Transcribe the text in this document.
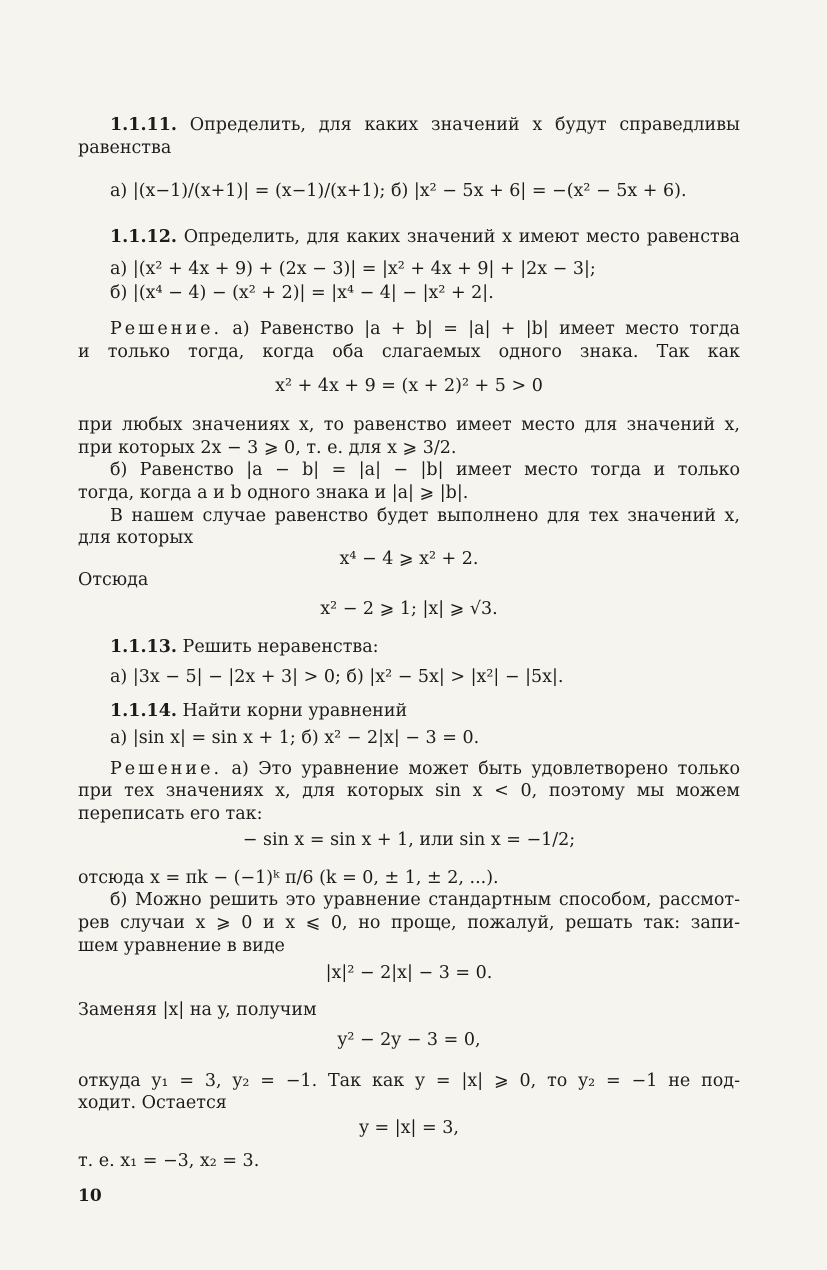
1.1.11. Определить, для каких значений x будут справедливы
равенства
а) |(x−1)/(x+1)| = (x−1)/(x+1); б) |x² − 5x + 6| = −(x² − 5x + 6).
1.1.12. Определить, для каких значений x имеют место равенства
а) |(x² + 4x + 9) + (2x − 3)| = |x² + 4x + 9| + |2x − 3|;
б) |(x⁴ − 4) − (x² + 2)| = |x⁴ − 4| − |x² + 2|.
Решение. а) Равенство |a + b| = |a| + |b| имеет место тогда
и только тогда, когда оба слагаемых одного знака. Так как
x² + 4x + 9 = (x + 2)² + 5 > 0
при любых значениях x, то равенство имеет место для значений x,
при которых 2x − 3 ⩾ 0, т. е. для x ⩾ 3/2.
б) Равенство |a − b| = |a| − |b| имеет место тогда и только
тогда, когда a и b одного знака и |a| ⩾ |b|.
В нашем случае равенство будет выполнено для тех значений x,
для которых
x⁴ − 4 ⩾ x² + 2.
Отсюда
x² − 2 ⩾ 1; |x| ⩾ √3.
1.1.13. Решить неравенства:
а) |3x − 5| − |2x + 3| > 0; б) |x² − 5x| > |x²| − |5x|.
1.1.14. Найти корни уравнений
а) |sin x| = sin x + 1; б) x² − 2|x| − 3 = 0.
Решение. а) Это уравнение может быть удовлетворено только
при тех значениях x, для которых sin x < 0, поэтому мы можем
переписать его так:
− sin x = sin x + 1, или sin x = −1/2;
отсюда x = πk − (−1)ᵏ π/6 (k = 0, ± 1, ± 2, ...).
б) Можно решить это уравнение стандартным способом, рассмот-
рев случаи x ⩾ 0 и x ⩽ 0, но проще, пожалуй, решать так: запи-
шем уравнение в виде
|x|² − 2|x| − 3 = 0.
Заменяя |x| на y, получим
y² − 2y − 3 = 0,
откуда y₁ = 3, y₂ = −1. Так как y = |x| ⩾ 0, то y₂ = −1 не под-
ходит. Остается
y = |x| = 3,
т. е. x₁ = −3, x₂ = 3.
10
